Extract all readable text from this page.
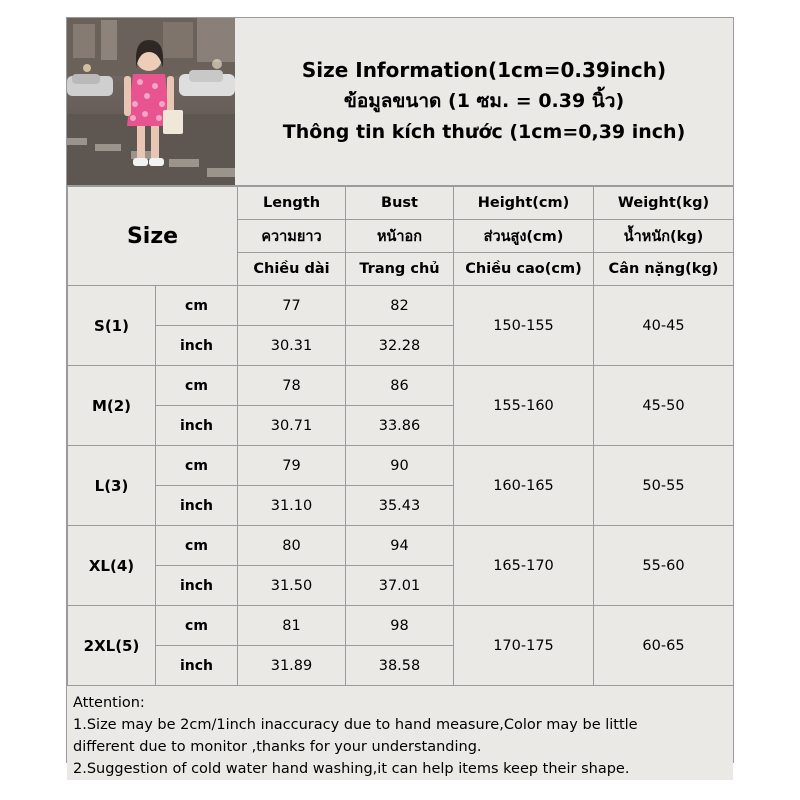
Size Information(1cm=0.39inch)
ข้อมูลขนาด (1 ซม. = 0.39 นิ้ว)
Thông tin kích thước (1cm=0,39 inch)
Size		Length	Bust	Height(cm)	Weight(kg)
		ความยาว	หน้าอก	ส่วนสูง(cm)	น้ำหนัก(kg)
		Chiều dài	Trang chủ	Chiều cao(cm)	Cân nặng(kg)
S(1)	cm	77	82	150-155	40-45
	inch	30.31	32.28		
M(2)	cm	78	86	155-160	45-50
	inch	30.71	33.86		
L(3)	cm	79	90	160-165	50-55
	inch	31.10	35.43		
XL(4)	cm	80	94	165-170	55-60
	inch	31.50	37.01		
2XL(5)	cm	81	98	170-175	60-65
	inch	31.89	38.58		
Attention:
1.Size may be 2cm/1inch inaccuracy due to hand measure,Color may be little
different due to monitor ,thanks for your understanding.
2.Suggestion of cold water hand washing,it can help items keep their shape.
